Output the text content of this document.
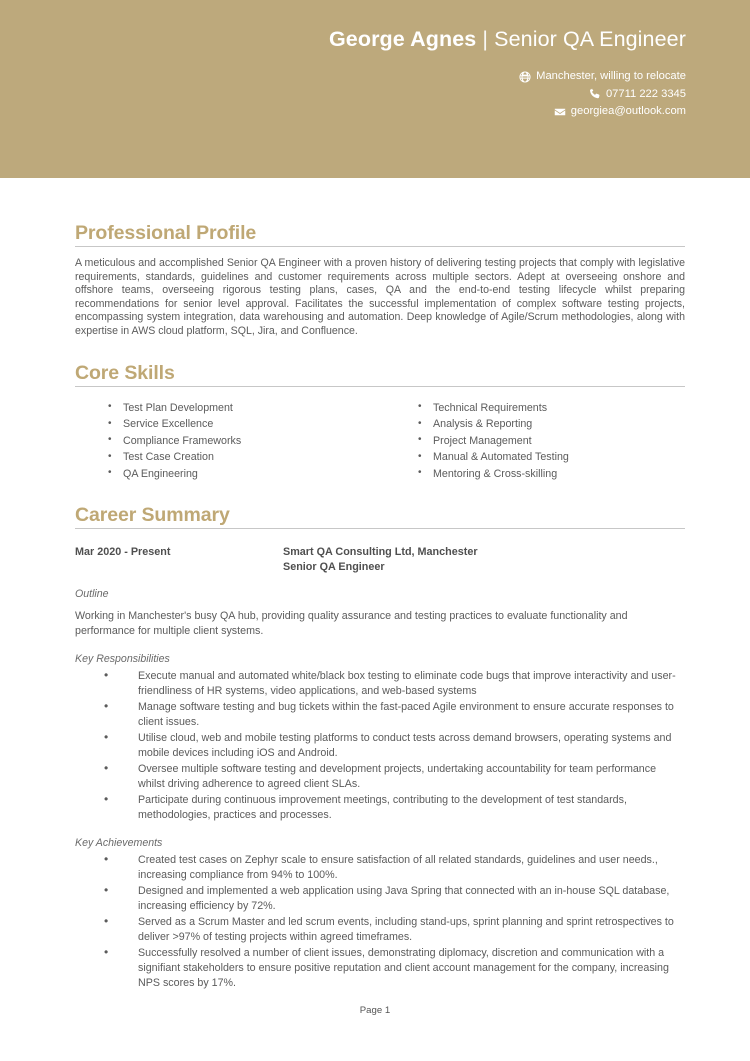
George Agnes | Senior QA Engineer
Manchester, willing to relocate
07711 222 3345
georgiea@outlook.com
Professional Profile

A meticulous and accomplished Senior QA Engineer with a proven history of delivering testing projects that comply with legislative requirements, standards, guidelines and customer requirements across multiple sectors. Adept at overseeing onshore and offshore teams, overseeing rigorous testing plans, cases, QA and the end-to-end testing lifecycle whilst preparing recommendations for senior level approval. Facilitates the successful implementation of complex software testing projects, encompassing system integration, data warehousing and automation. Deep knowledge of Agile/Scrum methodologies, along with expertise in AWS cloud platform, SQL, Jira, and Confluence.

Core Skills
• Test Plan Development
• Service Excellence
• Compliance Frameworks
• Test Case Creation
• QA Engineering
• Technical Requirements
• Analysis & Reporting
• Project Management
• Manual & Automated Testing
• Mentoring & Cross-skilling
Career Summary
Mar 2020 - Present	Smart QA Consulting Ltd, Manchester
Senior QA Engineer
Outline
Working in Manchester's busy QA hub, providing quality assurance and testing practices to evaluate functionality and performance for multiple client systems.
Key Responsibilities
• Execute manual and automated white/black box testing to eliminate code bugs that improve interactivity and user-friendliness of HR systems, video applications, and web-based systems
• Manage software testing and bug tickets within the fast-paced Agile environment to ensure accurate responses to client issues.
• Utilise cloud, web and mobile testing platforms to conduct tests across demand browsers, operating systems and mobile devices including iOS and Android.
• Oversee multiple software testing and development projects, undertaking accountability for team performance whilst driving adherence to agreed client SLAs.
• Participate during continuous improvement meetings, contributing to the development of test standards, methodologies, practices and processes.
Key Achievements
• Created test cases on Zephyr scale to ensure satisfaction of all related standards, guidelines and user needs., increasing compliance from 94% to 100%.
• Designed and implemented a web application using Java Spring that connected with an in-house SQL database, increasing efficiency by 72%.
• Served as a Scrum Master and led scrum events, including stand-ups, sprint planning and sprint retrospectives to deliver >97% of testing projects within agreed timeframes.
• Successfully resolved a number of client issues, demonstrating diplomacy, discretion and communication with a signifiant stakeholders to ensure positive reputation and client account management for the company, increasing NPS scores by 17%.
Page 1
